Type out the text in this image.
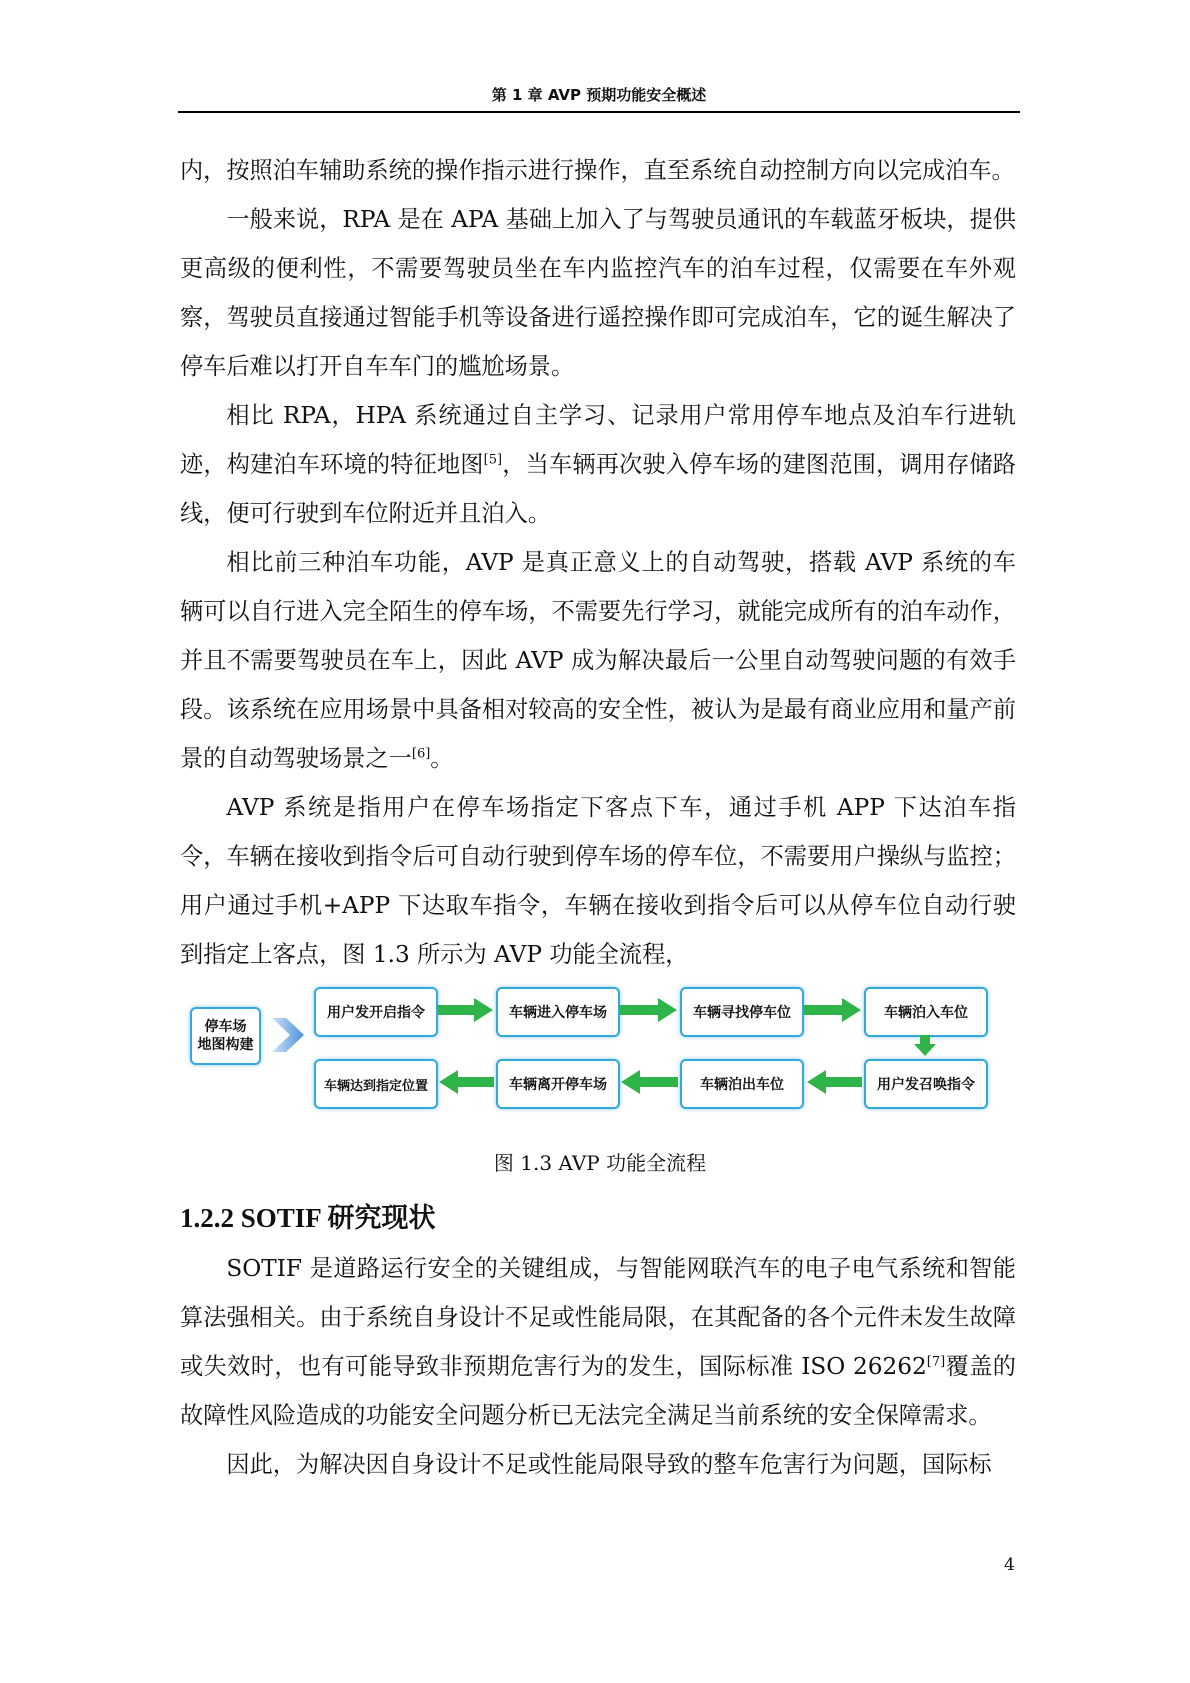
第 1 章 AVP 预期功能安全概述

内，按照泊车辅助系统的操作指示进行操作，直至系统自动控制方向以完成泊车。

一般来说，RPA 是在 APA 基础上加入了与驾驶员通讯的车载蓝牙板块，提供更高级的便利性，不需要驾驶员坐在车内监控汽车的泊车过程，仅需要在车外观察，驾驶员直接通过智能手机等设备进行遥控操作即可完成泊车，它的诞生解决了停车后难以打开自车车门的尴尬场景。

相比 RPA，HPA 系统通过自主学习、记录用户常用停车地点及泊车行进轨迹，构建泊车环境的特征地图[5]，当车辆再次驶入停车场的建图范围，调用存储路线，便可行驶到车位附近并且泊入。

相比前三种泊车功能，AVP 是真正意义上的自动驾驶，搭载 AVP 系统的车辆可以自行进入完全陌生的停车场，不需要先行学习，就能完成所有的泊车动作，并且不需要驾驶员在车上，因此 AVP 成为解决最后一公里自动驾驶问题的有效手段。该系统在应用场景中具备相对较高的安全性，被认为是最有商业应用和量产前景的自动驾驶场景之一[6]。

AVP 系统是指用户在停车场指定下客点下车，通过手机 APP 下达泊车指令，车辆在接收到指令后可自动行驶到停车场的停车位，不需要用户操纵与监控；用户通过手机+APP 下达取车指令，车辆在接收到指令后可以从停车位自动行驶到指定上客点，图 1.3 所示为 AVP 功能全流程，

停车场
地图构建
用户发开启指令	车辆进入停车场	车辆寻找停车位	车辆泊入车位
车辆达到指定位置	车辆离开停车场	车辆泊出车位	用户发召唤指令
图 1.3 AVP 功能全流程
1.2.2 SOTIF 研究现状

SOTIF 是道路运行安全的关键组成，与智能网联汽车的电子电气系统和智能算法强相关。由于系统自身设计不足或性能局限，在其配备的各个元件未发生故障或失效时，也有可能导致非预期危害行为的发生，国际标准 ISO 26262[7]覆盖的故障性风险造成的功能安全问题分析已无法完全满足当前系统的安全保障需求。

因此，为解决因自身设计不足或性能局限导致的整车危害行为问题，国际标

4
